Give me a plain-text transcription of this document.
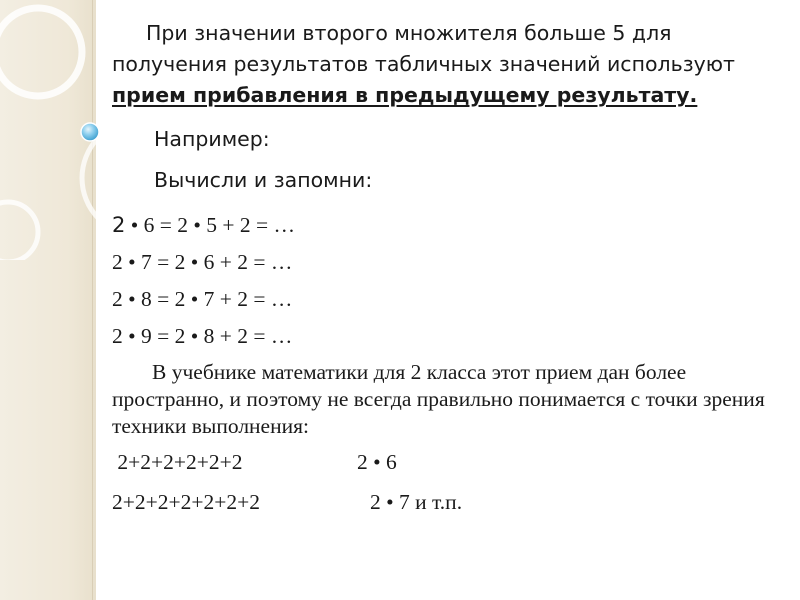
При значении второго множителя больше 5 для получения результатов табличных значений используют прием прибавления в предыдущему результату.

Например:

Вычисли и запомни:

2 • 6 = 2 • 5 + 2 = …

2 • 7 = 2 • 6 + 2 = …

2 • 8 = 2 • 7 + 2 = …

2 • 9 = 2 • 8 + 2 = …

В учебнике математики для 2 класса этот прием дан более пространно, и поэтому не всегда правильно понимается с точки зрения техники выполнения:

2+2+2+2+2+2	2 • 6

2+2+2+2+2+2+2	2 • 7 и т.п.
